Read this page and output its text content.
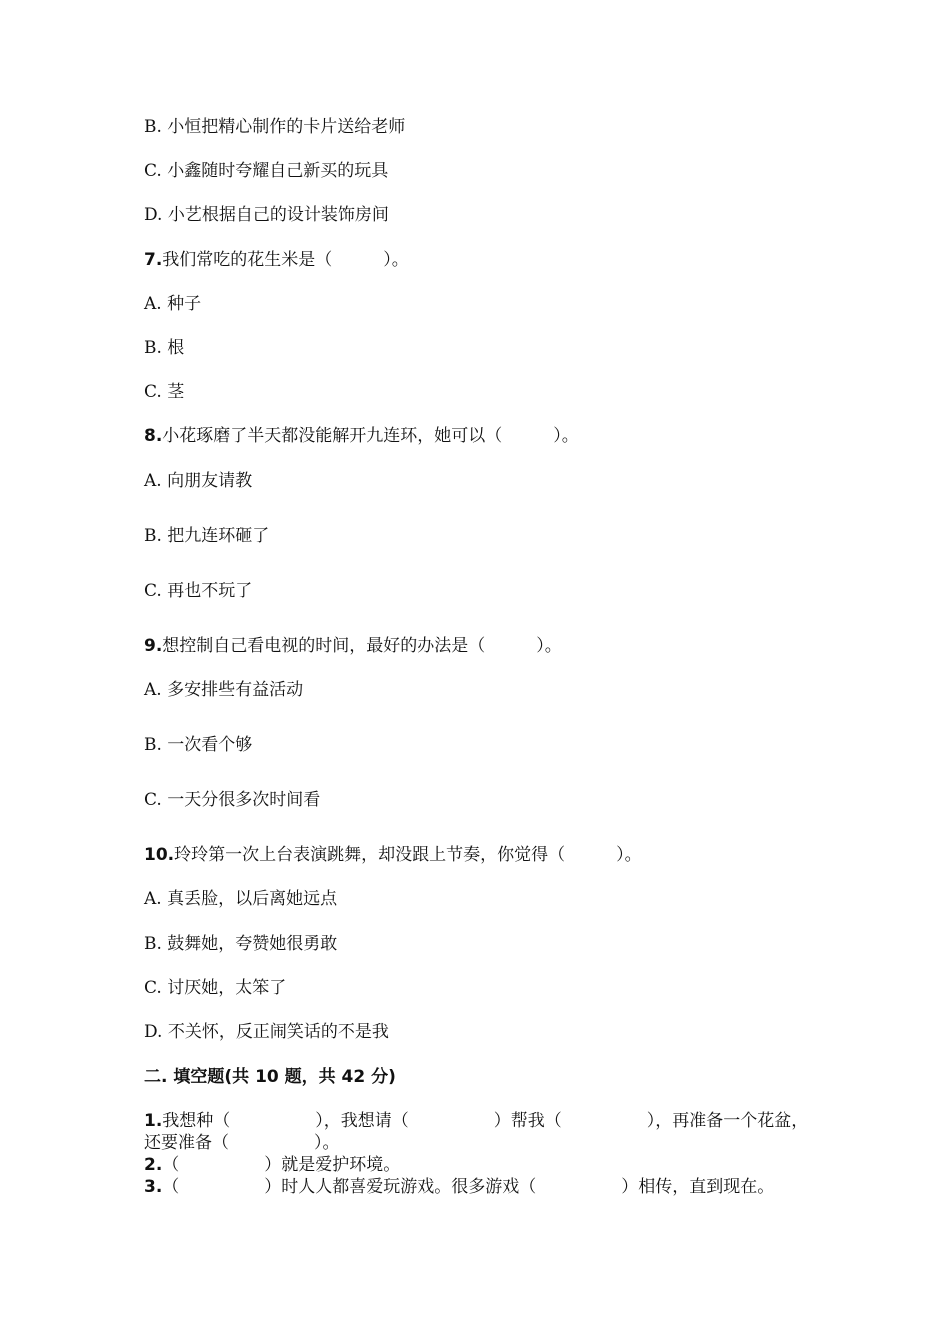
B. 小恒把精心制作的卡片送给老师

C. 小鑫随时夸耀自己新买的玩具

D. 小艺根据自己的设计装饰房间

7.我们常吃的花生米是（　　　）。

A. 种子

B. 根

C. 茎

8.小花琢磨了半天都没能解开九连环，她可以（　　　）。

A. 向朋友请教

B. 把九连环砸了

C. 再也不玩了

9.想控制自己看电视的时间，最好的办法是（　　　）。

A. 多安排些有益活动

B. 一次看个够

C. 一天分很多次时间看

10.玲玲第一次上台表演跳舞，却没跟上节奏，你觉得（　　　）。

A. 真丢脸，以后离她远点

B. 鼓舞她，夸赞她很勇敢

C. 讨厌她，太笨了

D. 不关怀，反正闹笑话的不是我

二. 填空题(共 10 题，共 42 分)

1.我想种（　　　　　），我想请（　　　　　）帮我（　　　　　），再准备一个花盆，还要准备（　　　　　）。

2.（　　　　　）就是爱护环境。

3.（　　　　　）时人人都喜爱玩游戏。很多游戏（　　　　　）相传，直到现在。
